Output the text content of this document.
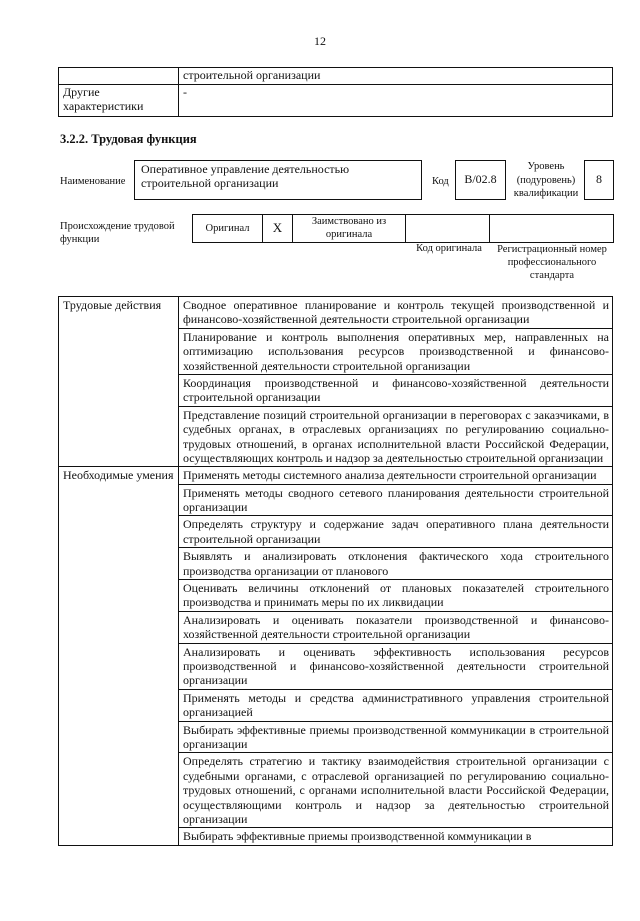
12
	строительной организации
Другие характеристики	-
3.2.2. Трудовая функция
Наименование
Оперативное управление деятельностью строительной организации	Код	B/02.8
Уровень (подуровень) квалификации
8
Происхождение трудовой функции
Оригинал	X	Заимствовано из оригинала		
Код оригинала	Регистрационный номер профессионального стандарта
Трудовые действия	Сводное оперативное планирование и контроль текущей производственной и финансово-хозяйственной деятельности строительной организации
	Планирование и контроль выполнения оперативных мер, направленных на оптимизацию использования ресурсов производственной и финансово-хозяйственной деятельности строительной организации
	Координация производственной и финансово-хозяйственной деятельности строительной организации
	Представление позиций строительной организации в переговорах с заказчиками, в судебных органах, в отраслевых организациях по регулированию социально-трудовых отношений, в органах исполнительной власти Российской Федерации, осуществляющих контроль и надзор за деятельностью строительной организации
Необходимые умения	Применять методы системного анализа деятельности строительной организации
	Применять методы сводного сетевого планирования деятельности строительной организации
	Определять структуру и содержание задач оперативного плана деятельности строительной организации
	Выявлять и анализировать отклонения фактического хода строительного производства организации от планового
	Оценивать величины отклонений от плановых показателей строительного производства и принимать меры по их ликвидации
	Анализировать и оценивать показатели производственной и финансово-хозяйственной деятельности строительной организации
	Анализировать и оценивать эффективность использования ресурсов производственной и финансово-хозяйственной деятельности строительной организации
	Применять методы и средства административного управления строительной организацией
	Выбирать эффективные приемы производственной коммуникации в строительной организации
	Определять стратегию и тактику взаимодействия строительной организации с судебными органами, с отраслевой организацией по регулированию социально-трудовых отношений, с органами исполнительной власти Российской Федерации, осуществляющими контроль и надзор за деятельностью строительной организации
	Выбирать эффективные приемы производственной коммуникации в
